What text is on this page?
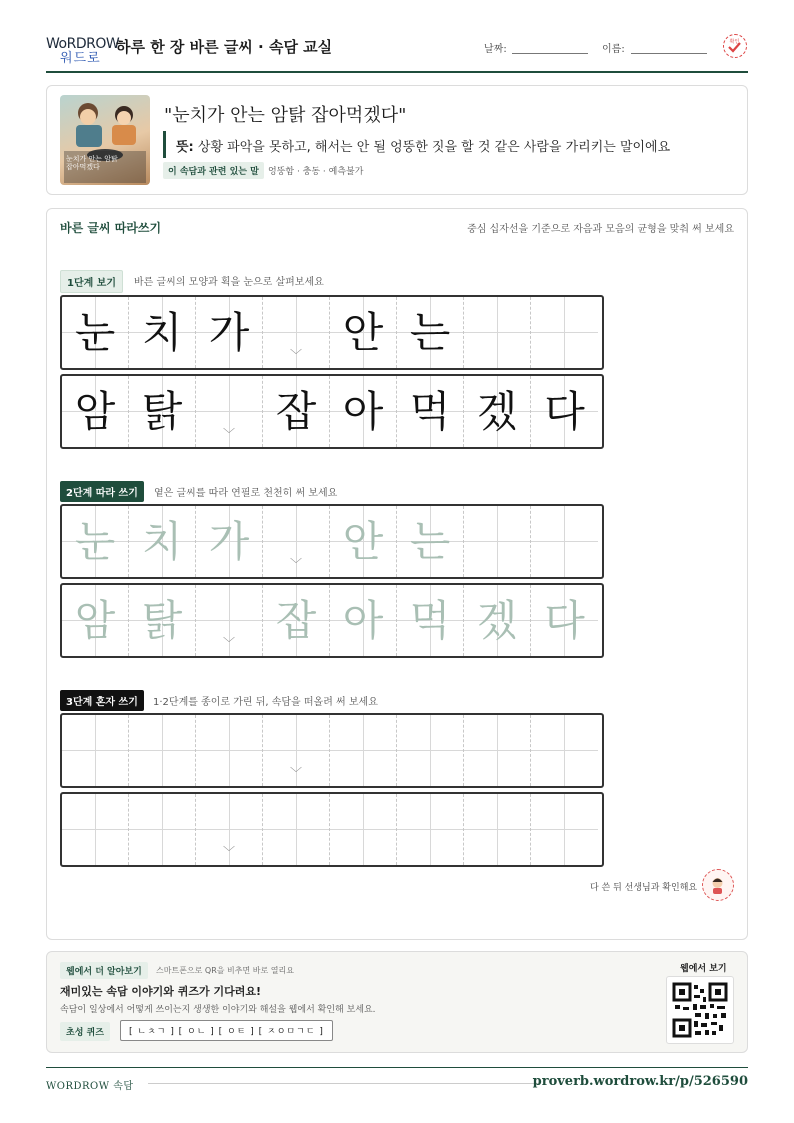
WoRDROW
워드로
하루 한 장 바른 글씨 · 속담 교실	날짜:	이름:
확인
눈치가 안는 암탉 잡아먹겠다
"눈치가 안는 암탉 잡아먹겠다"
뜻: 상황 파악을 못하고, 해서는 안 될 엉뚱한 짓을 할 것 같은 사람을 가리키는 말이에요
이 속담과 관련 있는 말	엉뚱함 · 충동 · 예측불가
바른 글씨 따라쓰기	중심 십자선을 기준으로 자음과 모음의 균형을 맞춰 써 보세요
1단계 보기	바른 글씨의 모양과 획을 눈으로 살펴보세요
눈 치 가	﹀ 안 는
암 탉	﹀ 잡 아 먹 겠 다
2단계 따라 쓰기	옅은 글씨를 따라 연필로 천천히 써 보세요
눈 치 가	﹀ 안 는
암 탉	﹀ 잡 아 먹 겠 다
3단계 혼자 쓰기	1·2단계를 종이로 가린 뒤, 속담을 떠올려 써 보세요
﹀
﹀
다 쓴 뒤 선생님과 확인해요
웹에서 더 알아보기	스마트폰으로 QR을 비추면 바로 열리요
재미있는 속담 이야기와 퀴즈가 기다려요!
속담이 일상에서 어떻게 쓰이는지 생생한 이야기와 해설을 웹에서 확인해 보세요.
초성 퀴즈	[ ㄴㅊㄱ ] [ ㅇㄴ ] [ ㅇㅌ ] [ ㅈㅇㅁㄱㄷ ]
웹에서 보기
WORDROW 속담	proverb.wordrow.kr/p/526590
